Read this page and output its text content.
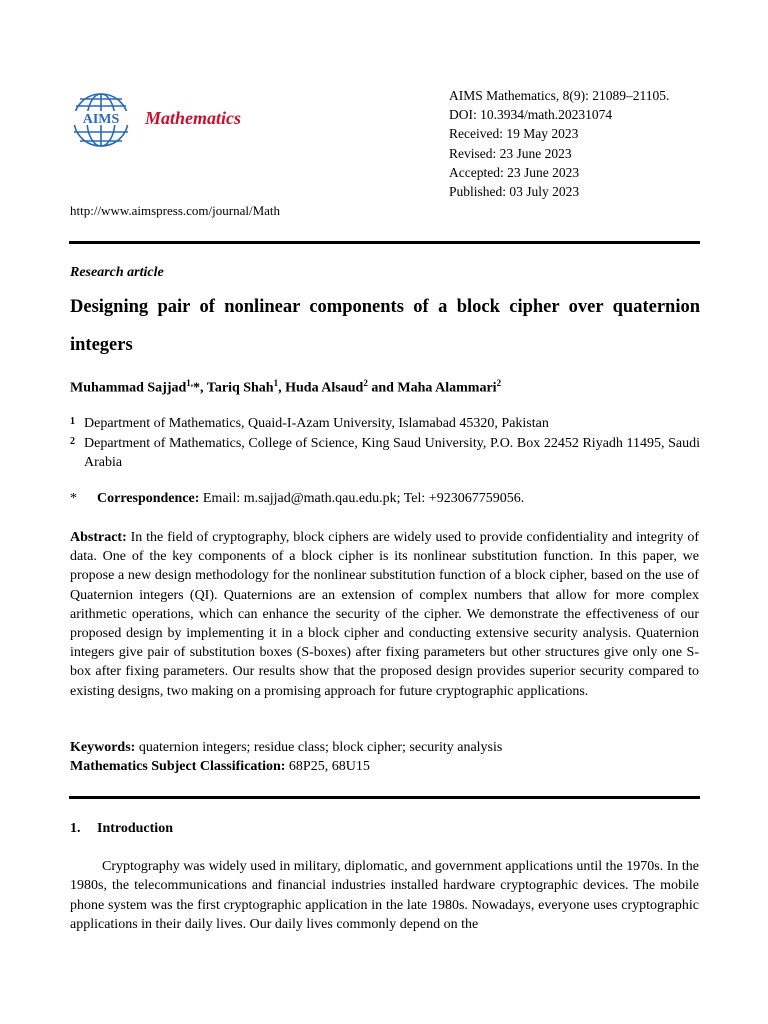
AIMS Mathematics
AIMS Mathematics, 8(9): 21089–21105.
DOI: 10.3934/math.20231074
Received: 19 May 2023
Revised: 23 June 2023
Accepted: 23 June 2023
Published: 03 July 2023
http://www.aimspress.com/journal/Math
Research article
Designing pair of nonlinear components of a block cipher over quaternion integers
Muhammad Sajjad$^{1,}$*, Tariq Shah$^1$, Huda Alsaud$^2$ and Maha Alammari$^2$
1 Department of Mathematics, Quaid-I-Azam University, Islamabad 45320, Pakistan
2 Department of Mathematics, College of Science, King Saud University, P.O. Box 22452 Riyadh 11495, Saudi Arabia
* Correspondence: Email: m.sajjad@math.qau.edu.pk; Tel: +923067759056.
Abstract: In the field of cryptography, block ciphers are widely used to provide confidentiality and integrity of data. One of the key components of a block cipher is its nonlinear substitution function. In this paper, we propose a new design methodology for the nonlinear substitution function of a block cipher, based on the use of Quaternion integers (QI). Quaternions are an extension of complex numbers that allow for more complex arithmetic operations, which can enhance the security of the cipher. We demonstrate the effectiveness of our proposed design by implementing it in a block cipher and conducting extensive security analysis. Quaternion integers give pair of substitution boxes (S-boxes) after fixing parameters but other structures give only one S-box after fixing parameters. Our results show that the proposed design provides superior security compared to existing designs, two making on a promising approach for future cryptographic applications.
Keywords: quaternion integers; residue class; block cipher; security analysis
Mathematics Subject Classification: 68P25, 68U15
1. Introduction
Cryptography was widely used in military, diplomatic, and government applications until the 1970s. In the 1980s, the telecommunications and financial industries installed hardware cryptographic devices. The mobile phone system was the first cryptographic application in the late 1980s. Nowadays, everyone uses cryptographic applications in their daily lives. Our daily lives commonly depend on the
